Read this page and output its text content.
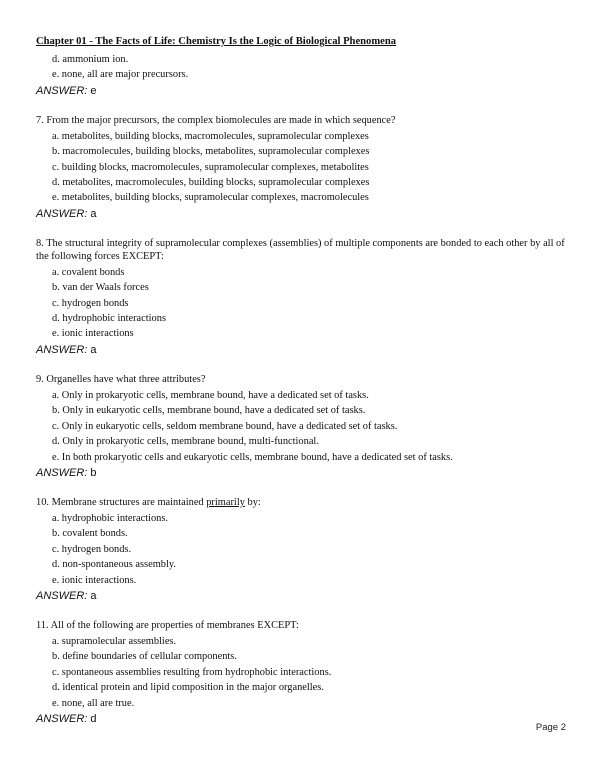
Chapter 01 - The Facts of Life: Chemistry Is the Logic of Biological Phenomena
d. ammonium ion.
e. none, all are major precursors.
ANSWER: e
7. From the major precursors, the complex biomolecules are made in which sequence?
a. metabolites, building blocks, macromolecules, supramolecular complexes
b. macromolecules, building blocks, metabolites, supramolecular complexes
c. building blocks, macromolecules, supramolecular complexes, metabolites
d. metabolites, macromolecules, building blocks, supramolecular complexes
e. metabolites, building blocks, supramolecular complexes, macromolecules
ANSWER: a
8. The structural integrity of supramolecular complexes (assemblies) of multiple components are bonded to each other by all of the following forces EXCEPT:
a. covalent bonds
b. van der Waals forces
c. hydrogen bonds
d. hydrophobic interactions
e. ionic interactions
ANSWER: a
9. Organelles have what three attributes?
a. Only in prokaryotic cells, membrane bound, have a dedicated set of tasks.
b. Only in eukaryotic cells, membrane bound, have a dedicated set of tasks.
c. Only in eukaryotic cells, seldom membrane bound, have a dedicated set of tasks.
d. Only in prokaryotic cells, membrane bound, multi-functional.
e. In both prokaryotic cells and eukaryotic cells, membrane bound, have a dedicated set of tasks.
ANSWER: b
10. Membrane structures are maintained primarily by:
a. hydrophobic interactions.
b. covalent bonds.
c. hydrogen bonds.
d. non-spontaneous assembly.
e. ionic interactions.
ANSWER: a
11. All of the following are properties of membranes EXCEPT:
a. supramolecular assemblies.
b. define boundaries of cellular components.
c. spontaneous assemblies resulting from hydrophobic interactions.
d. identical protein and lipid composition in the major organelles.
e. none, all are true.
ANSWER: d
Page 2
